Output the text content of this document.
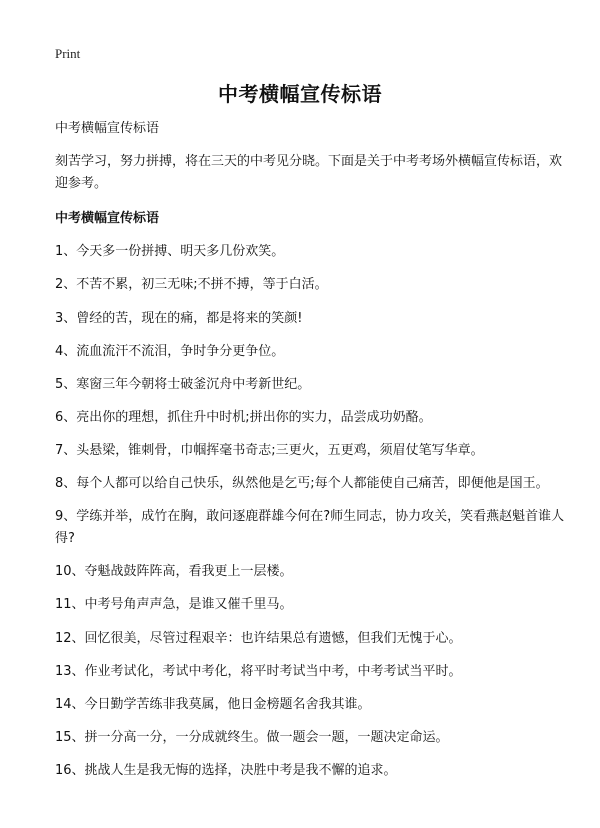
Print
中考横幅宣传标语

中考横幅宣传标语

刻苦学习，努力拼搏，将在三天的中考见分晓。下面是关于中考考场外横幅宣传标语，欢迎参考。

中考横幅宣传标语

1、今天多一份拼搏、明天多几份欢笑。

2、不苦不累，初三无味;不拼不搏，等于白活。

3、曾经的苦，现在的痛，都是将来的笑颜!

4、流血流汗不流泪，争时争分更争位。

5、寒窗三年今朝将士破釜沉舟中考新世纪。

6、亮出你的理想，抓住升中时机;拼出你的实力，品尝成功奶酪。

7、头悬梁，锥刺骨，巾帼挥毫书奇志;三更火，五更鸡，须眉仗笔写华章。

8、每个人都可以给自己快乐，纵然他是乞丐;每个人都能使自己痛苦，即便他是国王。

9、学练并举，成竹在胸，敢问逐鹿群雄今何在?师生同志，协力攻关，笑看燕赵魁首谁人得?

10、夺魁战鼓阵阵高，看我更上一层楼。

11、中考号角声声急，是谁又催千里马。

12、回忆很美，尽管过程艰辛：也许结果总有遗憾，但我们无愧于心。

13、作业考试化，考试中考化，将平时考试当中考，中考考试当平时。

14、今日勤学苦练非我莫属，他日金榜题名舍我其谁。

15、拼一分高一分，一分成就终生。做一题会一题，一题决定命运。

16、挑战人生是我无悔的选择，决胜中考是我不懈的追求。
